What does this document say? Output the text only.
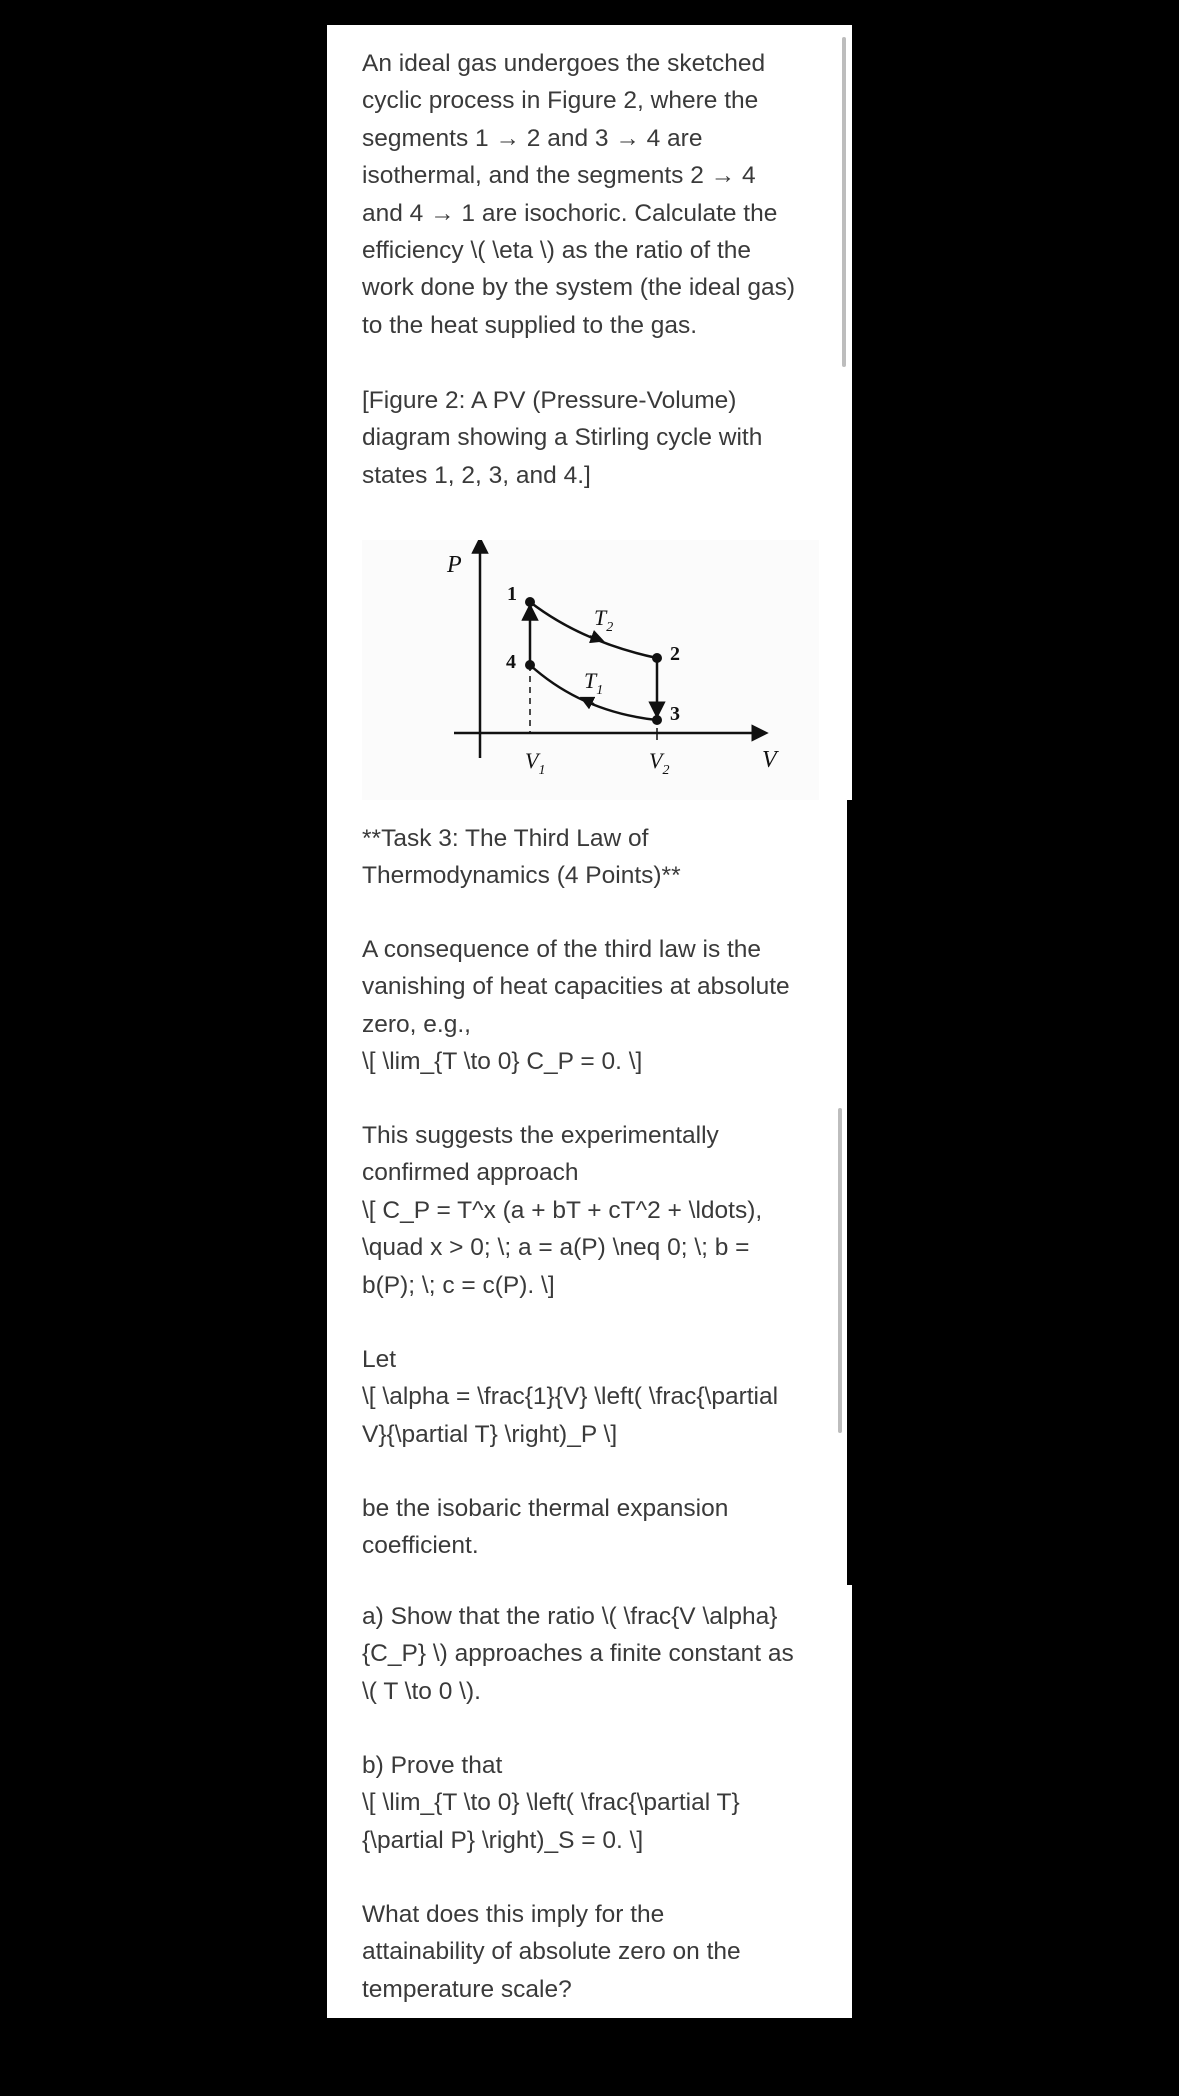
An ideal gas undergoes the sketched
cyclic process in Figure 2, where the
segments 1 → 2 and 3 → 4 are
isothermal, and the segments 2 → 4
and 4 → 1 are isochoric. Calculate the
efficiency \( \eta \) as the ratio of the
work done by the system (the ideal gas)
to the heat supplied to the gas.

[Figure 2: A PV (Pressure-Volume)
diagram showing a Stirling cycle with
states 1, 2, 3, and 4.]

P
V
1
2
3
4
$T_2$
$T_1$
$V_1$	$V_2$

**Task 3: The Third Law of
Thermodynamics (4 Points)**

A consequence of the third law is the
vanishing of heat capacities at absolute
zero, e.g.,
\[ \lim_{T \to 0} C_P = 0. \]

This suggests the experimentally
confirmed approach
\[ C_P = T^x (a + bT + cT^2 + \ldots),
\quad x > 0; \; a = a(P) \neq 0; \; b =
b(P); \; c = c(P). \]

Let
\[ \alpha = \frac{1}{V} \left( \frac{\partial
V}{\partial T} \right)_P \]

be the isobaric thermal expansion
coefficient.

a) Show that the ratio \( \frac{V \alpha}
{C_P} \) approaches a finite constant as
\( T \to 0 \).

b) Prove that
\[ \lim_{T \to 0} \left( \frac{\partial T}
{\partial P} \right)_S = 0. \]

What does this imply for the
attainability of absolute zero on the
temperature scale?
